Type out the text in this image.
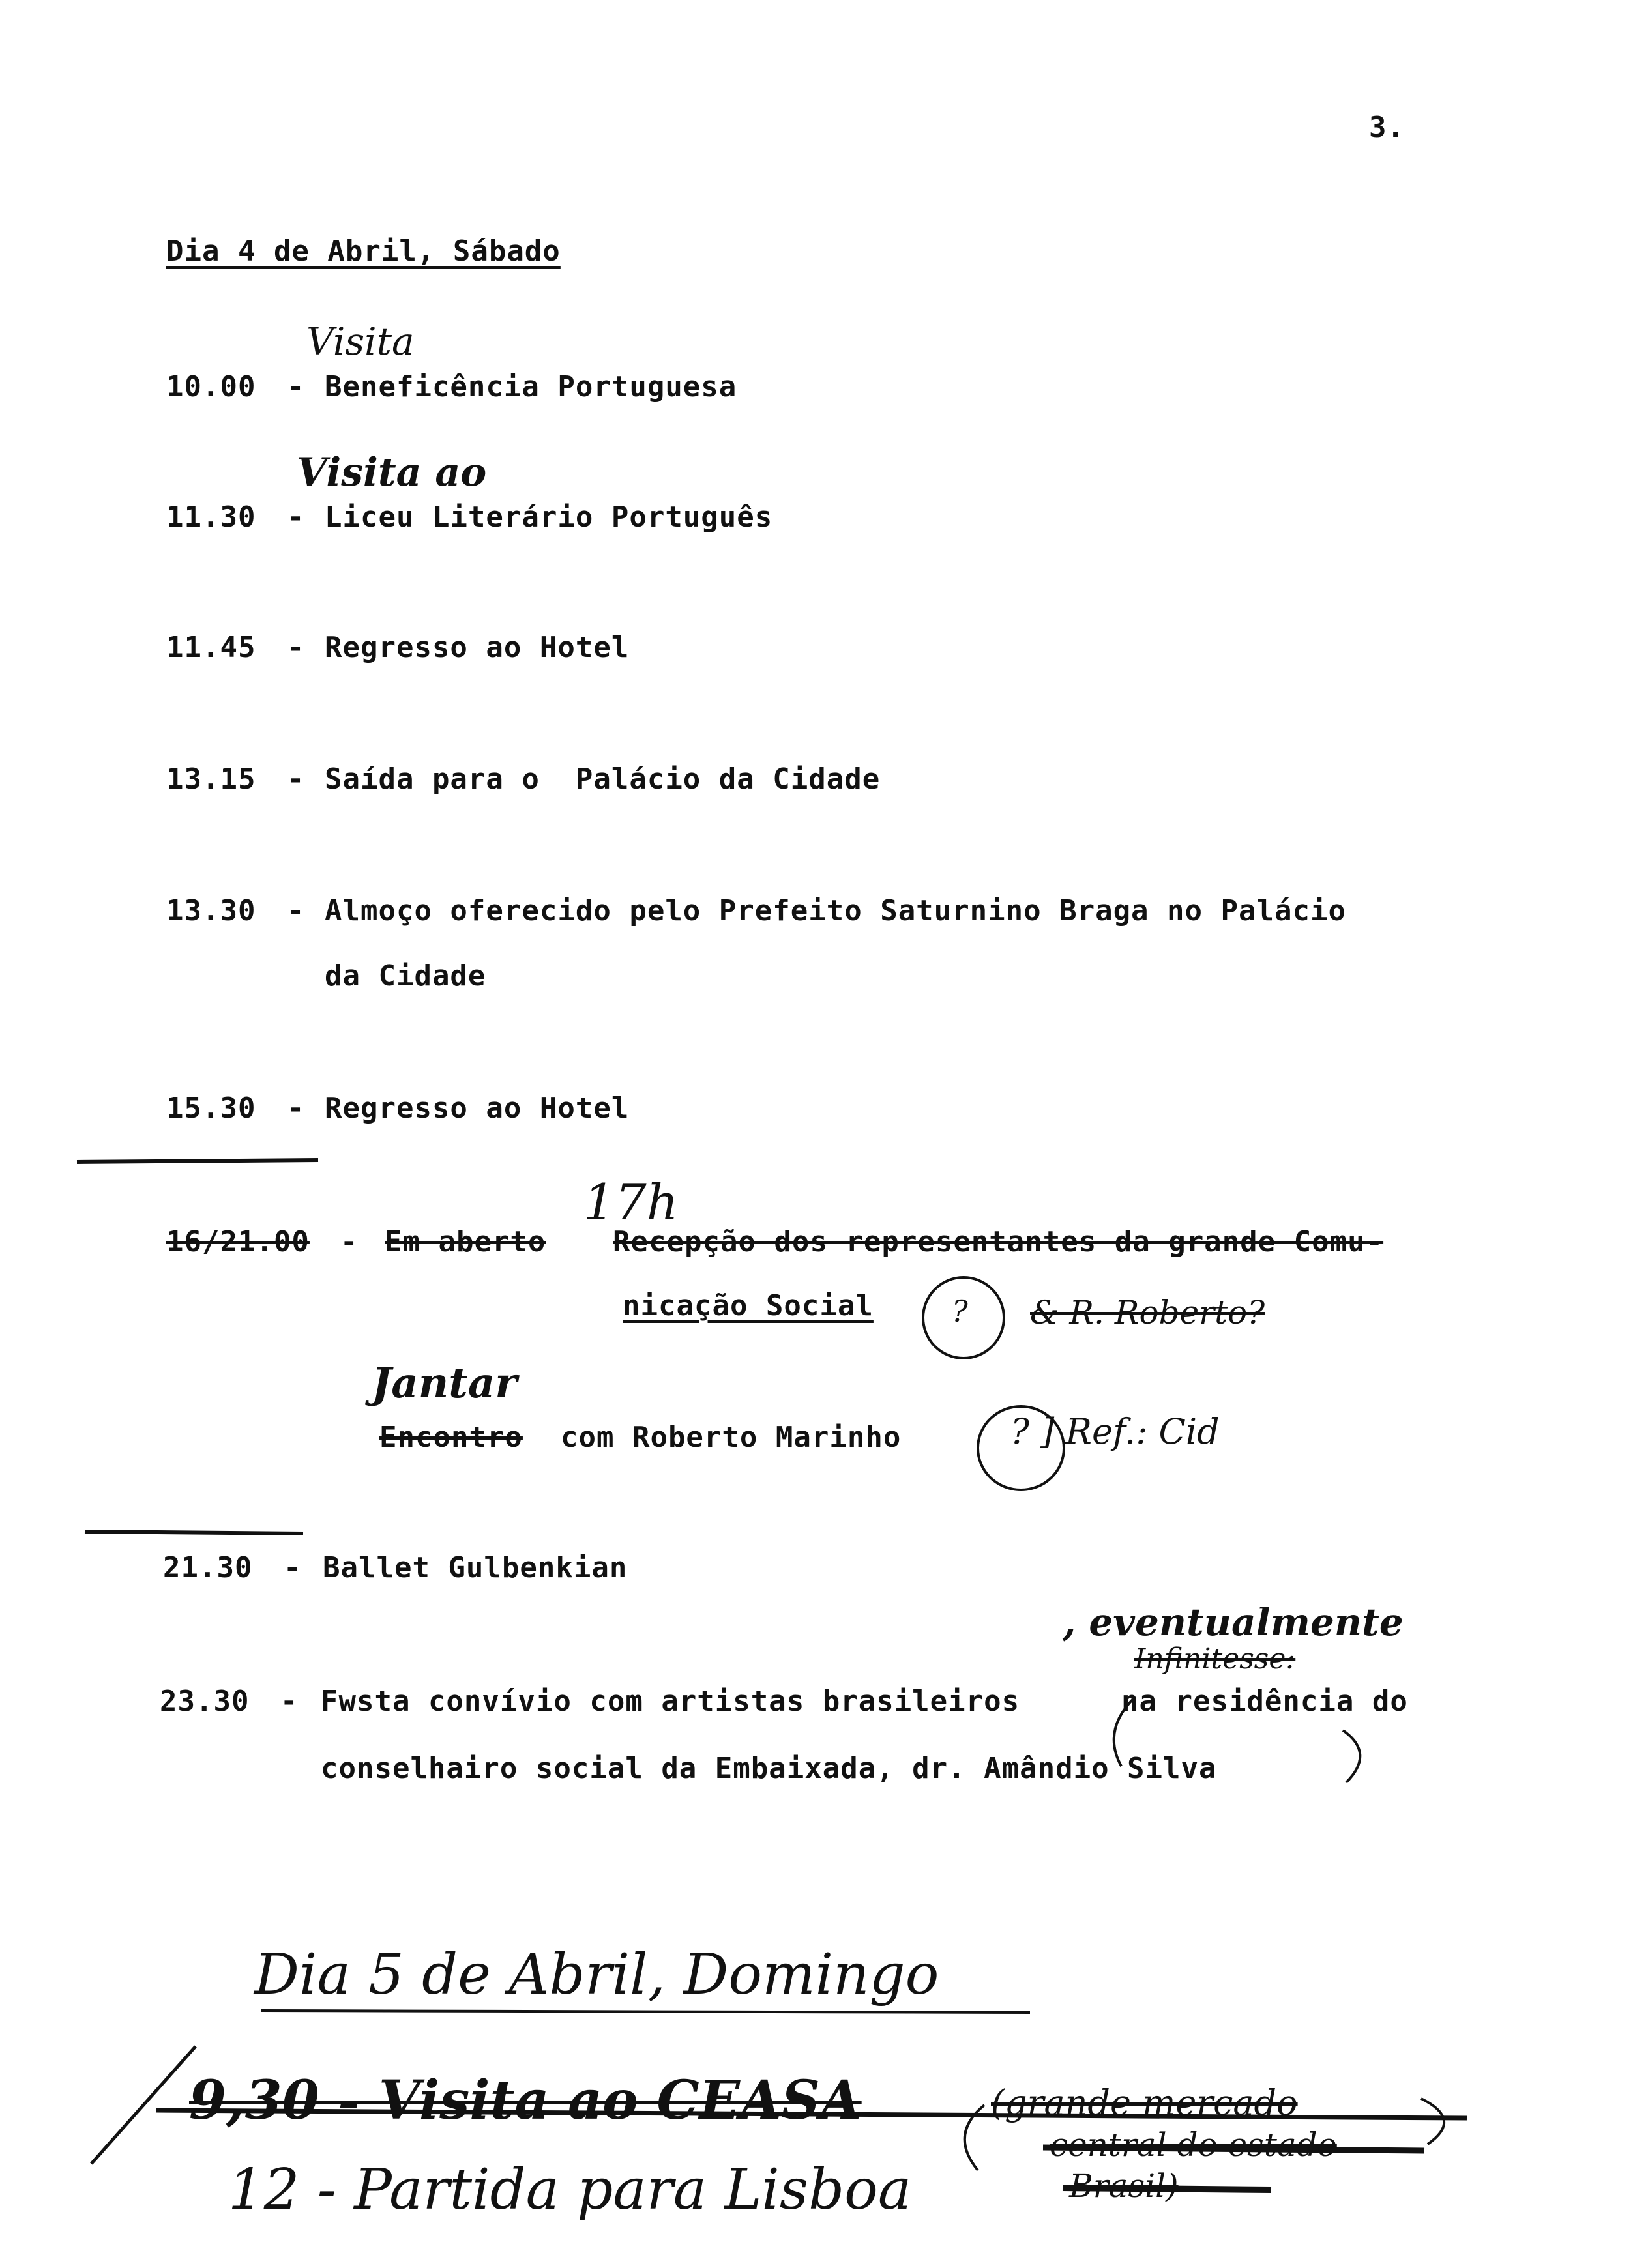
3.
Dia 4 de Abril, Sábado
Visita
10.00 - Beneficência Portuguesa
Visita ao
11.30 - Liceu Literário Português
11.45 - Regresso ao Hotel
13.15 - Saída para o  Palácio da Cidade
13.30 - Almoço oferecido pelo Prefeito Saturnino Braga no Palácio
da Cidade
15.30 - Regresso ao Hotel
17h
16/21.00 - Em aberto Recepção dos representantes da grande Comu-
nicação Social	? & R. Roberto?
Jantar
Encontro com Roberto Marinho	? ] Ref.: Cid
21.30 - Ballet Gulbenkian
, eventualmente
Infinitesse:
23.30 - Fwsta convívio com artistas brasileiros	na residência do
conselhairo social da Embaixada, dr. Amândio Silva
Dia 5 de Abril, Domingo
9,30 - Visita ao CEASA	(grande mercado
central do estado
Brasil)
12 - Partida para Lisboa
